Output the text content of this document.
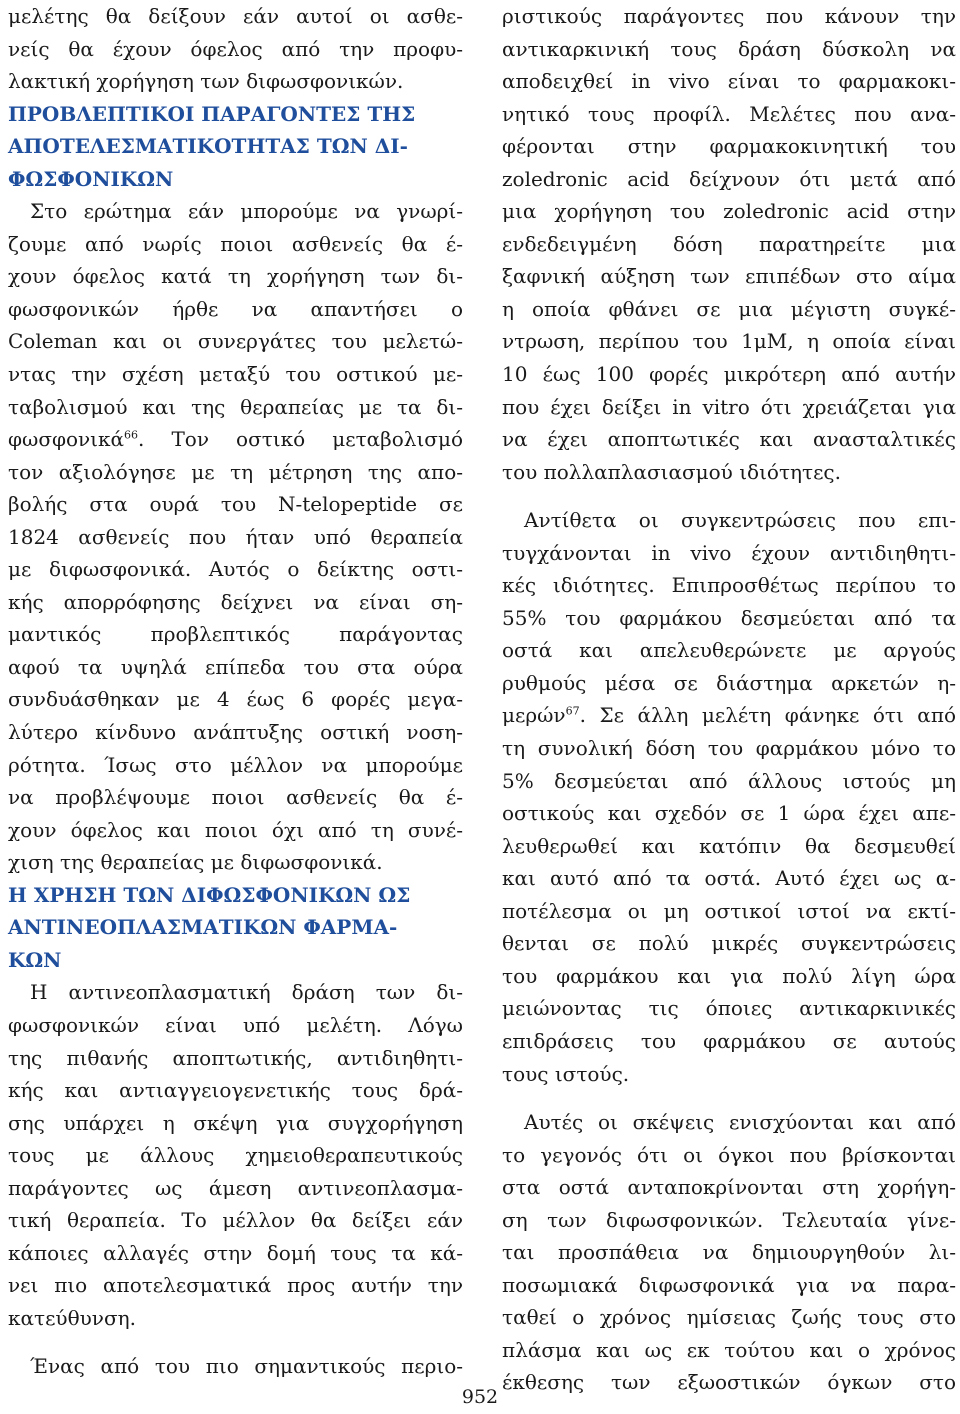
μελέτης θα δείξουν εάν αυτοί οι ασθε-
νείς θα έχουν όφελος από την προφυ-
λακτική χορήγηση των διφωσφονικών.
ΠΡΟΒΛΕΠΤΙΚΟΙ ΠΑΡΑΓΟΝΤΕΣ ΤΗΣ
ΑΠΟΤΕΛΕΣΜΑΤΙΚΟΤΗΤΑΣ ΤΩΝ ΔΙ-
ΦΩΣΦΟΝΙΚΩΝ
Στο ερώτημα εάν μπορούμε να γνωρί-
ζουμε από νωρίς ποιοι ασθενείς θα έ-
χουν όφελος κατά τη χορήγηση των δι-
φωσφονικών ήρθε να απαντήσει ο
Coleman και οι συνεργάτες του μελετώ-
ντας την σχέση μεταξύ του οστικού με-
ταβολισμού και της θεραπείας με τα δι-
φωσφονικά$^{66}$. Τον οστικό μεταβολισμό
τον αξιολόγησε με τη μέτρηση της απο-
βολής στα ουρά του N-telopeptide σε
1824 ασθενείς που ήταν υπό θεραπεία
με διφωσφονικά. Αυτός ο δείκτης οστι-
κής απορρόφησης δείχνει να είναι ση-
μαντικός προβλεπτικός παράγοντας
αφού τα υψηλά επίπεδα του στα ούρα
συνδυάσθηκαν με 4 έως 6 φορές μεγα-
λύτερο κίνδυνο ανάπτυξης οστική νοση-
ρότητα. Ίσως στο μέλλον να μπορούμε
να προβλέψουμε ποιοι ασθενείς θα έ-
χουν όφελος και ποιοι όχι από τη συνέ-
χιση της θεραπείας με διφωσφονικά.
Η ΧΡΗΣΗ ΤΩΝ ΔΙΦΩΣΦΟΝΙΚΩΝ ΩΣ
ΑΝΤΙΝΕΟΠΛΑΣΜΑΤΙΚΩΝ ΦΑΡΜΑ-
ΚΩΝ
Η αντινεοπλασματική δράση των δι-
φωσφονικών είναι υπό μελέτη. Λόγω
της πιθανής αποπτωτικής, αντιδιηθητι-
κής και αντιαγγειογενετικής τους δρά-
σης υπάρχει η σκέψη για συγχορήγηση
τους με άλλους χημειοθεραπευτικούς
παράγοντες ως άμεση αντινεοπλασμα-
τική θεραπεία. Το μέλλον θα δείξει εάν
κάποιες αλλαγές στην δομή τους τα κά-
νει πιο αποτελεσματικά προς αυτήν την
κατεύθυνση.
Ένας από του πιο σημαντικούς περιο-
ριστικούς παράγοντες που κάνουν την
αντικαρκινική τους δράση δύσκολη να
αποδειχθεί in vivo είναι το φαρμακοκι-
νητικό τους προφίλ. Μελέτες που ανα-
φέρονται στην φαρμακοκινητική του
zoledronic acid δείχνουν ότι μετά από
μια χορήγηση του zoledronic acid στην
ενδεδειγμένη δόση παρατηρείτε μια
ξαφνική αύξηση των επιπέδων στο αίμα
η οποία φθάνει σε μια μέγιστη συγκέ-
ντρωση, περίπου του 1μΜ, η οποία είναι
10 έως 100 φορές μικρότερη από αυτήν
που έχει δείξει in vitro ότι χρειάζεται για
να έχει αποπτωτικές και ανασταλτικές
του πολλαπλασιασμού ιδιότητες.
Αντίθετα οι συγκεντρώσεις που επι-
τυγχάνονται in vivo έχουν αντιδιηθητι-
κές ιδιότητες. Επιπροσθέτως περίπου το
55% του φαρμάκου δεσμεύεται από τα
οστά και απελευθερώνετε με αργούς
ρυθμούς μέσα σε διάστημα αρκετών η-
μερών$^{67}$. Σε άλλη μελέτη φάνηκε ότι από
τη συνολική δόση του φαρμάκου μόνο το
5% δεσμεύεται από άλλους ιστούς μη
οστικούς και σχεδόν σε 1 ώρα έχει απε-
λευθερωθεί και κατόπιν θα δεσμευθεί
και αυτό από τα οστά. Αυτό έχει ως α-
ποτέλεσμα οι μη οστικοί ιστοί να εκτί-
θενται σε πολύ μικρές συγκεντρώσεις
του φαρμάκου και για πολύ λίγη ώρα
μειώνοντας τις όποιες αντικαρκινικές
επιδράσεις του φαρμάκου σε αυτούς
τους ιστούς.
Αυτές οι σκέψεις ενισχύονται και από
το γεγονός ότι οι όγκοι που βρίσκονται
στα οστά ανταποκρίνονται στη χορήγη-
ση των διφωσφονικών. Τελευταία γίνε-
ται προσπάθεια να δημιουργηθούν λι-
ποσωμιακά διφωσφονικά για να παρα-
ταθεί ο χρόνος ημίσειας ζωής τους στο
πλάσμα και ως εκ τούτου και ο χρόνος
έκθεσης των εξωοστικών όγκων στο
952
